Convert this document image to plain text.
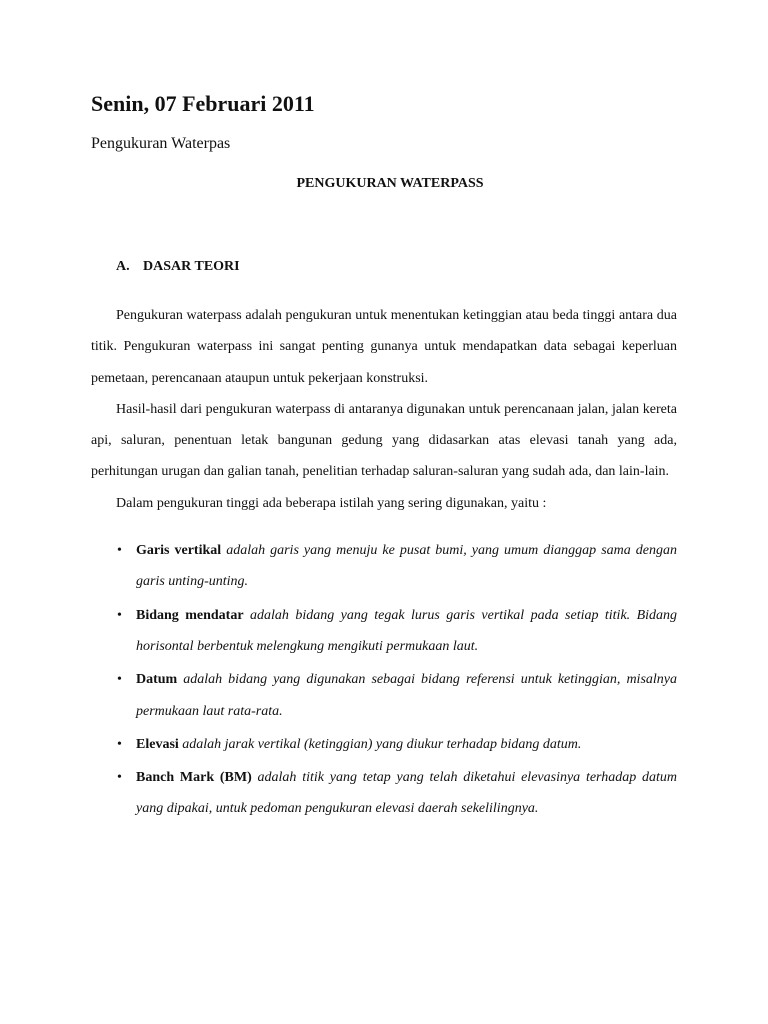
Senin, 07 Februari 2011
Pengukuran Waterpas
PENGUKURAN WATERPASS
A. DASAR TEORI

Pengukuran waterpass adalah pengukuran untuk menentukan ketinggian atau beda tinggi antara dua titik. Pengukuran waterpass ini sangat penting gunanya untuk mendapatkan data sebagai keperluan pemetaan, perencanaan ataupun untuk pekerjaan konstruksi.

Hasil-hasil dari pengukuran waterpass di antaranya digunakan untuk perencanaan jalan, jalan kereta api, saluran, penentuan letak bangunan gedung yang didasarkan atas elevasi tanah yang ada, perhitungan urugan dan galian tanah, penelitian terhadap saluran-saluran yang sudah ada, dan lain-lain.

Dalam pengukuran tinggi ada beberapa istilah yang sering digunakan, yaitu :

• Garis vertikal adalah garis yang menuju ke pusat bumi, yang umum dianggap sama dengan garis unting-unting.
• Bidang mendatar adalah bidang yang tegak lurus garis vertikal pada setiap titik. Bidang horisontal berbentuk melengkung mengikuti permukaan laut.
• Datum adalah bidang yang digunakan sebagai bidang referensi untuk ketinggian, misalnya permukaan laut rata-rata.
• Elevasi adalah jarak vertikal (ketinggian) yang diukur terhadap bidang datum.
• Banch Mark (BM) adalah titik yang tetap yang telah diketahui elevasinya terhadap datum yang dipakai, untuk pedoman pengukuran elevasi daerah sekelilingnya.
